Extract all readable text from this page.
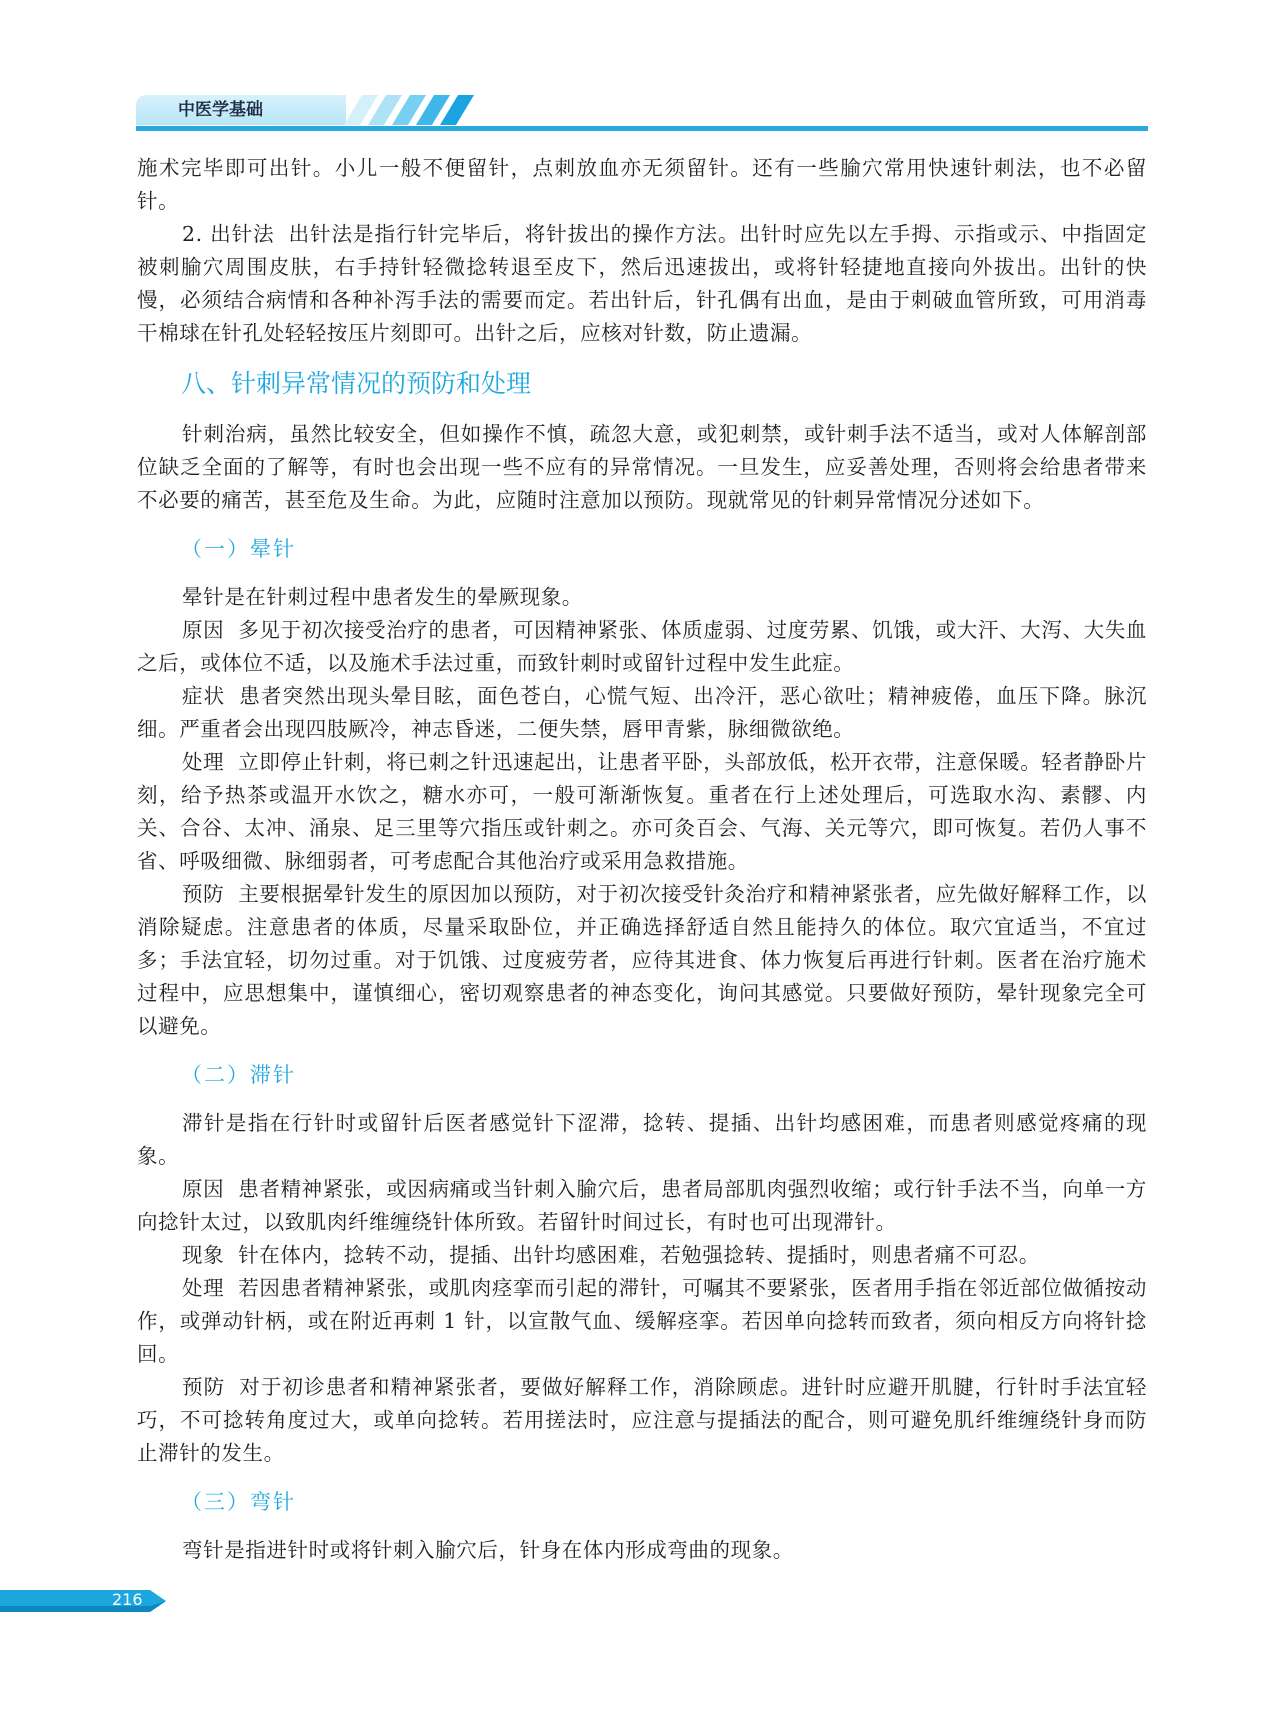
中医学基础

施术完毕即可出针。小儿一般不便留针，点刺放血亦无须留针。还有一些腧穴常用快速针刺法，也不必留针。

2. 出针法 出针法是指行针完毕后，将针拔出的操作方法。出针时应先以左手拇、示指或示、中指固定被刺腧穴周围皮肤，右手持针轻微捻转退至皮下，然后迅速拔出，或将针轻捷地直接向外拔出。出针的快慢，必须结合病情和各种补泻手法的需要而定。若出针后，针孔偶有出血，是由于刺破血管所致，可用消毒干棉球在针孔处轻轻按压片刻即可。出针之后，应核对针数，防止遗漏。

八、针刺异常情况的预防和处理

针刺治病，虽然比较安全，但如操作不慎，疏忽大意，或犯刺禁，或针刺手法不适当，或对人体解剖部位缺乏全面的了解等，有时也会出现一些不应有的异常情况。一旦发生，应妥善处理，否则将会给患者带来不必要的痛苦，甚至危及生命。为此，应随时注意加以预防。现就常见的针刺异常情况分述如下。

（一）晕针

晕针是在针刺过程中患者发生的晕厥现象。

原因 多见于初次接受治疗的患者，可因精神紧张、体质虚弱、过度劳累、饥饿，或大汗、大泻、大失血之后，或体位不适，以及施术手法过重，而致针刺时或留针过程中发生此症。

症状 患者突然出现头晕目眩，面色苍白，心慌气短、出冷汗，恶心欲吐；精神疲倦，血压下降。脉沉细。严重者会出现四肢厥冷，神志昏迷，二便失禁，唇甲青紫，脉细微欲绝。

处理 立即停止针刺，将已刺之针迅速起出，让患者平卧，头部放低，松开衣带，注意保暖。轻者静卧片刻，给予热茶或温开水饮之，糖水亦可，一般可渐渐恢复。重者在行上述处理后，可选取水沟、素髎、内关、合谷、太冲、涌泉、足三里等穴指压或针刺之。亦可灸百会、气海、关元等穴，即可恢复。若仍人事不省、呼吸细微、脉细弱者，可考虑配合其他治疗或采用急救措施。

预防 主要根据晕针发生的原因加以预防，对于初次接受针灸治疗和精神紧张者，应先做好解释工作，以消除疑虑。注意患者的体质，尽量采取卧位，并正确选择舒适自然且能持久的体位。取穴宜适当，不宜过多；手法宜轻，切勿过重。对于饥饿、过度疲劳者，应待其进食、体力恢复后再进行针刺。医者在治疗施术过程中，应思想集中，谨慎细心，密切观察患者的神态变化，询问其感觉。只要做好预防，晕针现象完全可以避免。

（二）滞针

滞针是指在行针时或留针后医者感觉针下涩滞，捻转、提插、出针均感困难，而患者则感觉疼痛的现象。

原因 患者精神紧张，或因病痛或当针刺入腧穴后，患者局部肌肉强烈收缩；或行针手法不当，向单一方向捻针太过，以致肌肉纤维缠绕针体所致。若留针时间过长，有时也可出现滞针。

现象 针在体内，捻转不动，提插、出针均感困难，若勉强捻转、提插时，则患者痛不可忍。

处理 若因患者精神紧张，或肌肉痉挛而引起的滞针，可嘱其不要紧张，医者用手指在邻近部位做循按动作，或弹动针柄，或在附近再刺 1 针，以宣散气血、缓解痉挛。若因单向捻转而致者，须向相反方向将针捻回。

预防 对于初诊患者和精神紧张者，要做好解释工作，消除顾虑。进针时应避开肌腱，行针时手法宜轻巧，不可捻转角度过大，或单向捻转。若用搓法时，应注意与提插法的配合，则可避免肌纤维缠绕针身而防止滞针的发生。

（三）弯针

弯针是指进针时或将针刺入腧穴后，针身在体内形成弯曲的现象。

216
